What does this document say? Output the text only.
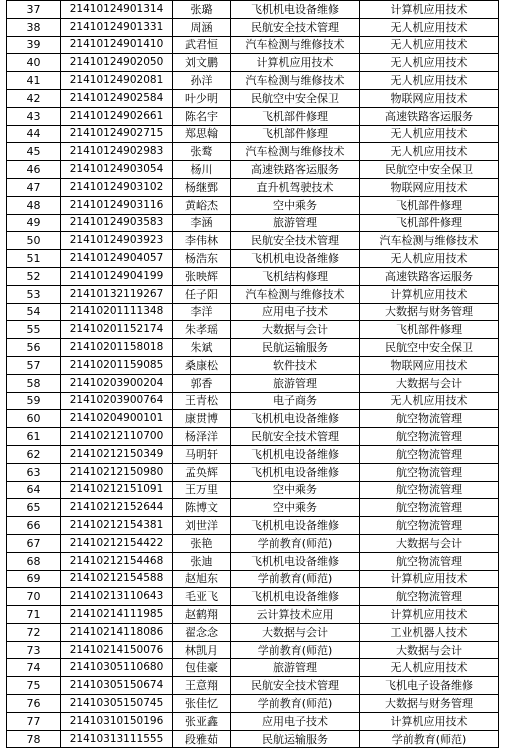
37	21410124901314	张璐	飞机机电设备维修	计算机应用技术
38	21410124901331	周涵	民航安全技术管理	无人机应用技术
39	21410124901410	武君恒	汽车检测与维修技术	无人机应用技术
40	21410124902050	刘文鹏	计算机应用技术	无人机应用技术
41	21410124902081	孙洋	汽车检测与维修技术	无人机应用技术
42	21410124902584	叶少明	民航空中安全保卫	物联网应用技术
43	21410124902661	陈名宇	飞机部件修理	高速铁路客运服务
44	21410124902715	郑思翰	飞机部件修理	无人机应用技术
45	21410124902983	张鹜	汽车检测与维修技术	无人机应用技术
46	21410124903054	杨川	高速铁路客运服务	民航空中安全保卫
47	21410124903102	杨继鄄	直升机驾驶技术	物联网应用技术
48	21410124903116	黄峪杰	空中乘务	飞机部件修理
49	21410124903583	李涵	旅游管理	飞机部件修理
50	21410124903923	李伟林	民航安全技术管理	汽车检测与维修技术
51	21410124904057	杨浩东	飞机机电设备维修	无人机应用技术
52	21410124904199	张映辉	飞机结构修理	高速铁路客运服务
53	21410132119267	任子阳	汽车检测与维修技术	计算机应用技术
54	21410201111348	李洋	应用电子技术	大数据与财务管理
55	21410201152174	朱孝瑶	大数据与会计	飞机部件修理
56	21410201158018	朱斌	民航运输服务	民航空中安全保卫
57	21410201159085	桑康松	软件技术	物联网应用技术
58	21410203900204	郭香	旅游管理	大数据与会计
59	21410203900764	王青松	电子商务	无人机应用技术
60	21410204900101	康贯博	飞机机电设备维修	航空物流管理
61	21410212110700	杨泽洋	民航安全技术管理	航空物流管理
62	21410212150349	马明轩	飞机机电设备维修	航空物流管理
63	21410212150980	孟奂辉	飞机机电设备维修	航空物流管理
64	21410212151091	王万里	空中乘务	航空物流管理
65	21410212152644	陈博文	空中乘务	航空物流管理
66	21410212154381	刘世洋	飞机机电设备维修	航空物流管理
67	21410212154422	张艳	学前教育(师范)	大数据与会计
68	21410212154468	张迪	飞机机电设备维修	航空物流管理
69	21410212154588	赵旭东	学前教育(师范)	计算机应用技术
70	21410213110643	毛亚飞	飞机机电设备维修	航空物流管理
71	21410214111985	赵鹤翔	云计算技术应用	计算机应用技术
72	21410214118086	翟念念	大数据与会计	工业机器人技术
73	21410214150076	林凯月	学前教育(师范)	大数据与会计
74	21410305110680	包佳豪	旅游管理	无人机应用技术
75	21410305150674	王意翔	民航安全技术管理	飞机电子设备维修
76	21410305150745	张佳忆	学前教育(师范)	大数据与财务管理
77	21410310150196	张亚鑫	应用电子技术	计算机应用技术
78	21410313111555	段雅茹	民航运输服务	学前教育(师范)
